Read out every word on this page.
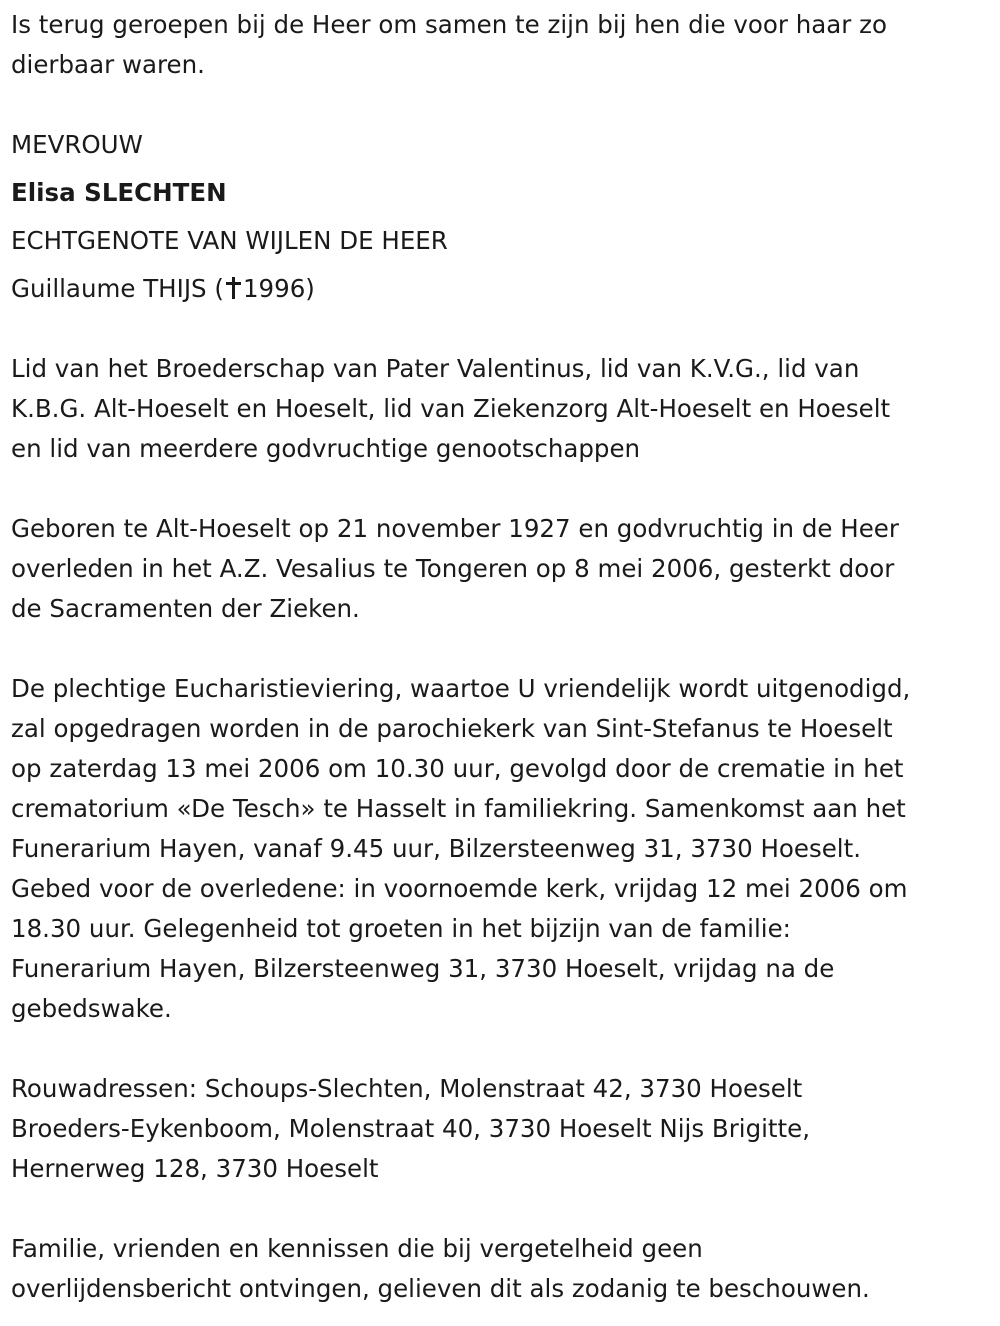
Is terug geroepen bij de Heer om samen te zijn bij hen die voor haar zo
dierbaar waren.
MEVROUW
Elisa SLECHTEN
ECHTGENOTE VAN WIJLEN DE HEER
Guillaume THIJS ( 1996)
Lid van het Broederschap van Pater Valentinus, lid van K.V.G., lid van
K.B.G. Alt-Hoeselt en Hoeselt, lid van Ziekenzorg Alt-Hoeselt en Hoeselt
en lid van meerdere godvruchtige genootschappen
Geboren te Alt-Hoeselt op 21 november 1927 en godvruchtig in de Heer
overleden in het A.Z. Vesalius te Tongeren op 8 mei 2006, gesterkt door
de Sacramenten der Zieken.
De plechtige Eucharistieviering, waartoe U vriendelijk wordt uitgenodigd,
zal opgedragen worden in de parochiekerk van Sint-Stefanus te Hoeselt
op zaterdag 13 mei 2006 om 10.30 uur, gevolgd door de crematie in het
crematorium «De Tesch» te Hasselt in familiekring. Samenkomst aan het
Funerarium Hayen, vanaf 9.45 uur, Bilzersteenweg 31, 3730 Hoeselt.
Gebed voor de overledene: in voornoemde kerk, vrijdag 12 mei 2006 om
18.30 uur. Gelegenheid tot groeten in het bijzijn van de familie:
Funerarium Hayen, Bilzersteenweg 31, 3730 Hoeselt, vrijdag na de
gebedswake.
Rouwadressen: Schoups-Slechten, Molenstraat 42, 3730 Hoeselt
Broeders-Eykenboom, Molenstraat 40, 3730 Hoeselt Nijs Brigitte,
Hernerweg 128, 3730 Hoeselt
Familie, vrienden en kennissen die bij vergetelheid geen
overlijdensbericht ontvingen, gelieven dit als zodanig te beschouwen.
